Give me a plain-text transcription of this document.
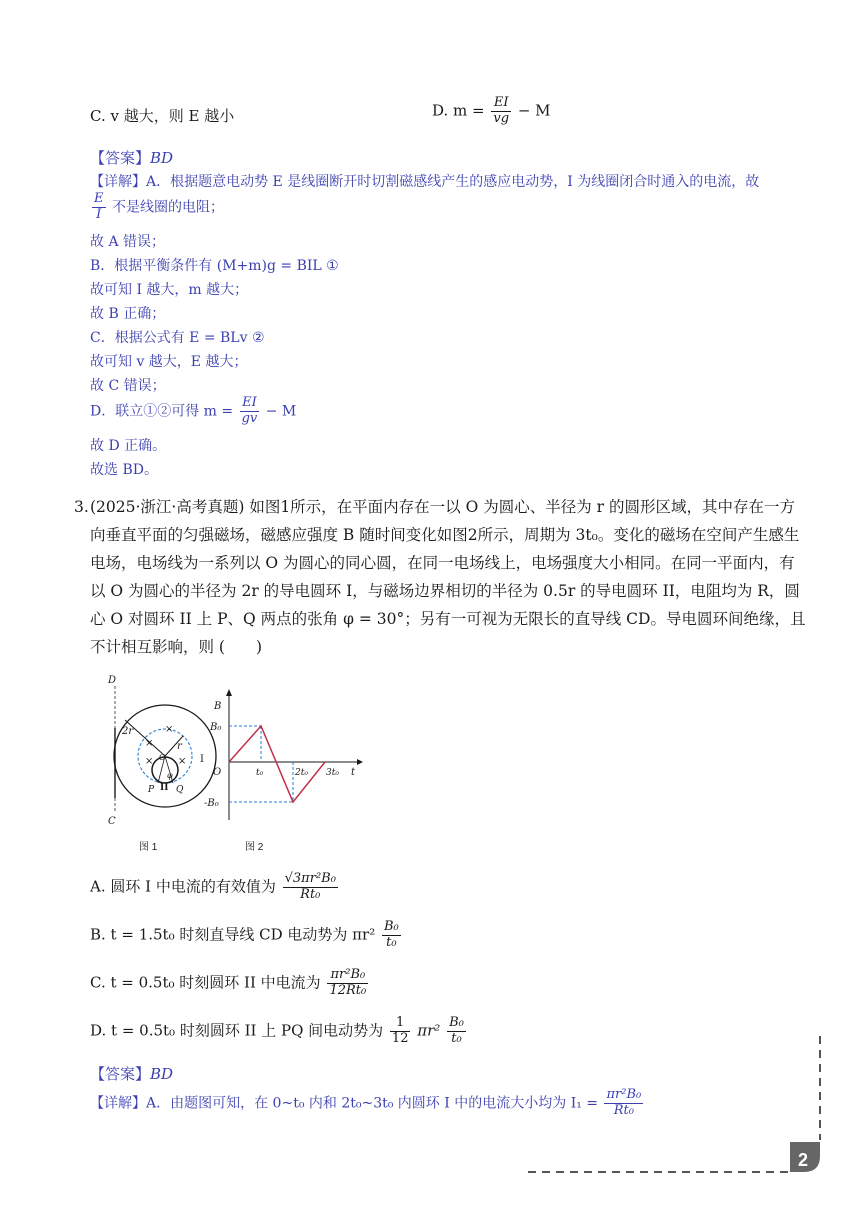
C. v 越大，则 E 越小	D. $m = \frac{EI}{vg} - M$
【答案】BD
【详解】A．根据题意电动势 E 是线圈断开时切割磁感线产生的感应电动势，I 为线圈闭合时通入的电流，故
$\frac{E}{I}$ 不是线圈的电阻；
故 A 错误；
B．根据平衡条件有 (M+m)g = BIL ①
故可知 I 越大，m 越大；
故 B 正确；
C．根据公式有 E = BLv ②
故可知 v 越大，E 越大；
故 C 错误；
D．联立①②可得 $m = \frac{EI}{gv} - M$
故 D 正确。
故选 BD。
3. (2025·浙江·高考真题) 如图1所示，在平面内存在一以 O 为圆心、半径为 r 的圆形区域，其中存在一方向垂直平面的匀强磁场，磁感应强度 B 随时间变化如图2所示，周期为 3t₀。变化的磁场在空间产生感生电场，电场线为一系列以 O 为圆心的同心圆，在同一电场线上，电场强度大小相同。在同一平面内，有以 O 为圆心的半径为 2r 的导电圆环 I，与磁场边界相切的半径为 0.5r 的导电圆环 II，电阻均为 R，圆心 O 对圆环 II 上 P、Q 两点的张角 φ = 30°；另有一可视为无限长的直导线 CD。导电圆环间绝缘，且不计相互影响，则 (　　)
D
C
2r
r
×
×
× ×
O
φ
II
P Q
I
图 1
B
B₀
O
-B₀
t₀	2t₀ 3t₀ t
图 2
A. 圆环 I 中电流的有效值为 $\frac{\text{√3πr²B₀}}{\text{Rt₀}}$
B. t = 1.5t₀ 时刻直导线 CD 电动势为 $\pi r^2 \frac{\text{B₀}}{\text{t₀}}$
C. t = 0.5t₀ 时刻圆环 II 中电流为 $\frac{\text{πr²B₀}}{\text{12Rt₀}}$
D. t = 0.5t₀ 时刻圆环 II 上 PQ 间电动势为 $\frac{1}{12} \pi r^2 \frac{\text{B₀}}{\text{t₀}}$
【答案】BD
【详解】A．由题图可知，在 0~t₀ 内和 2t₀~3t₀ 内圆环 I 中的电流大小均为 $I_1 = \frac{\text{πr²B₀}}{\text{Rt₀}}$
2
